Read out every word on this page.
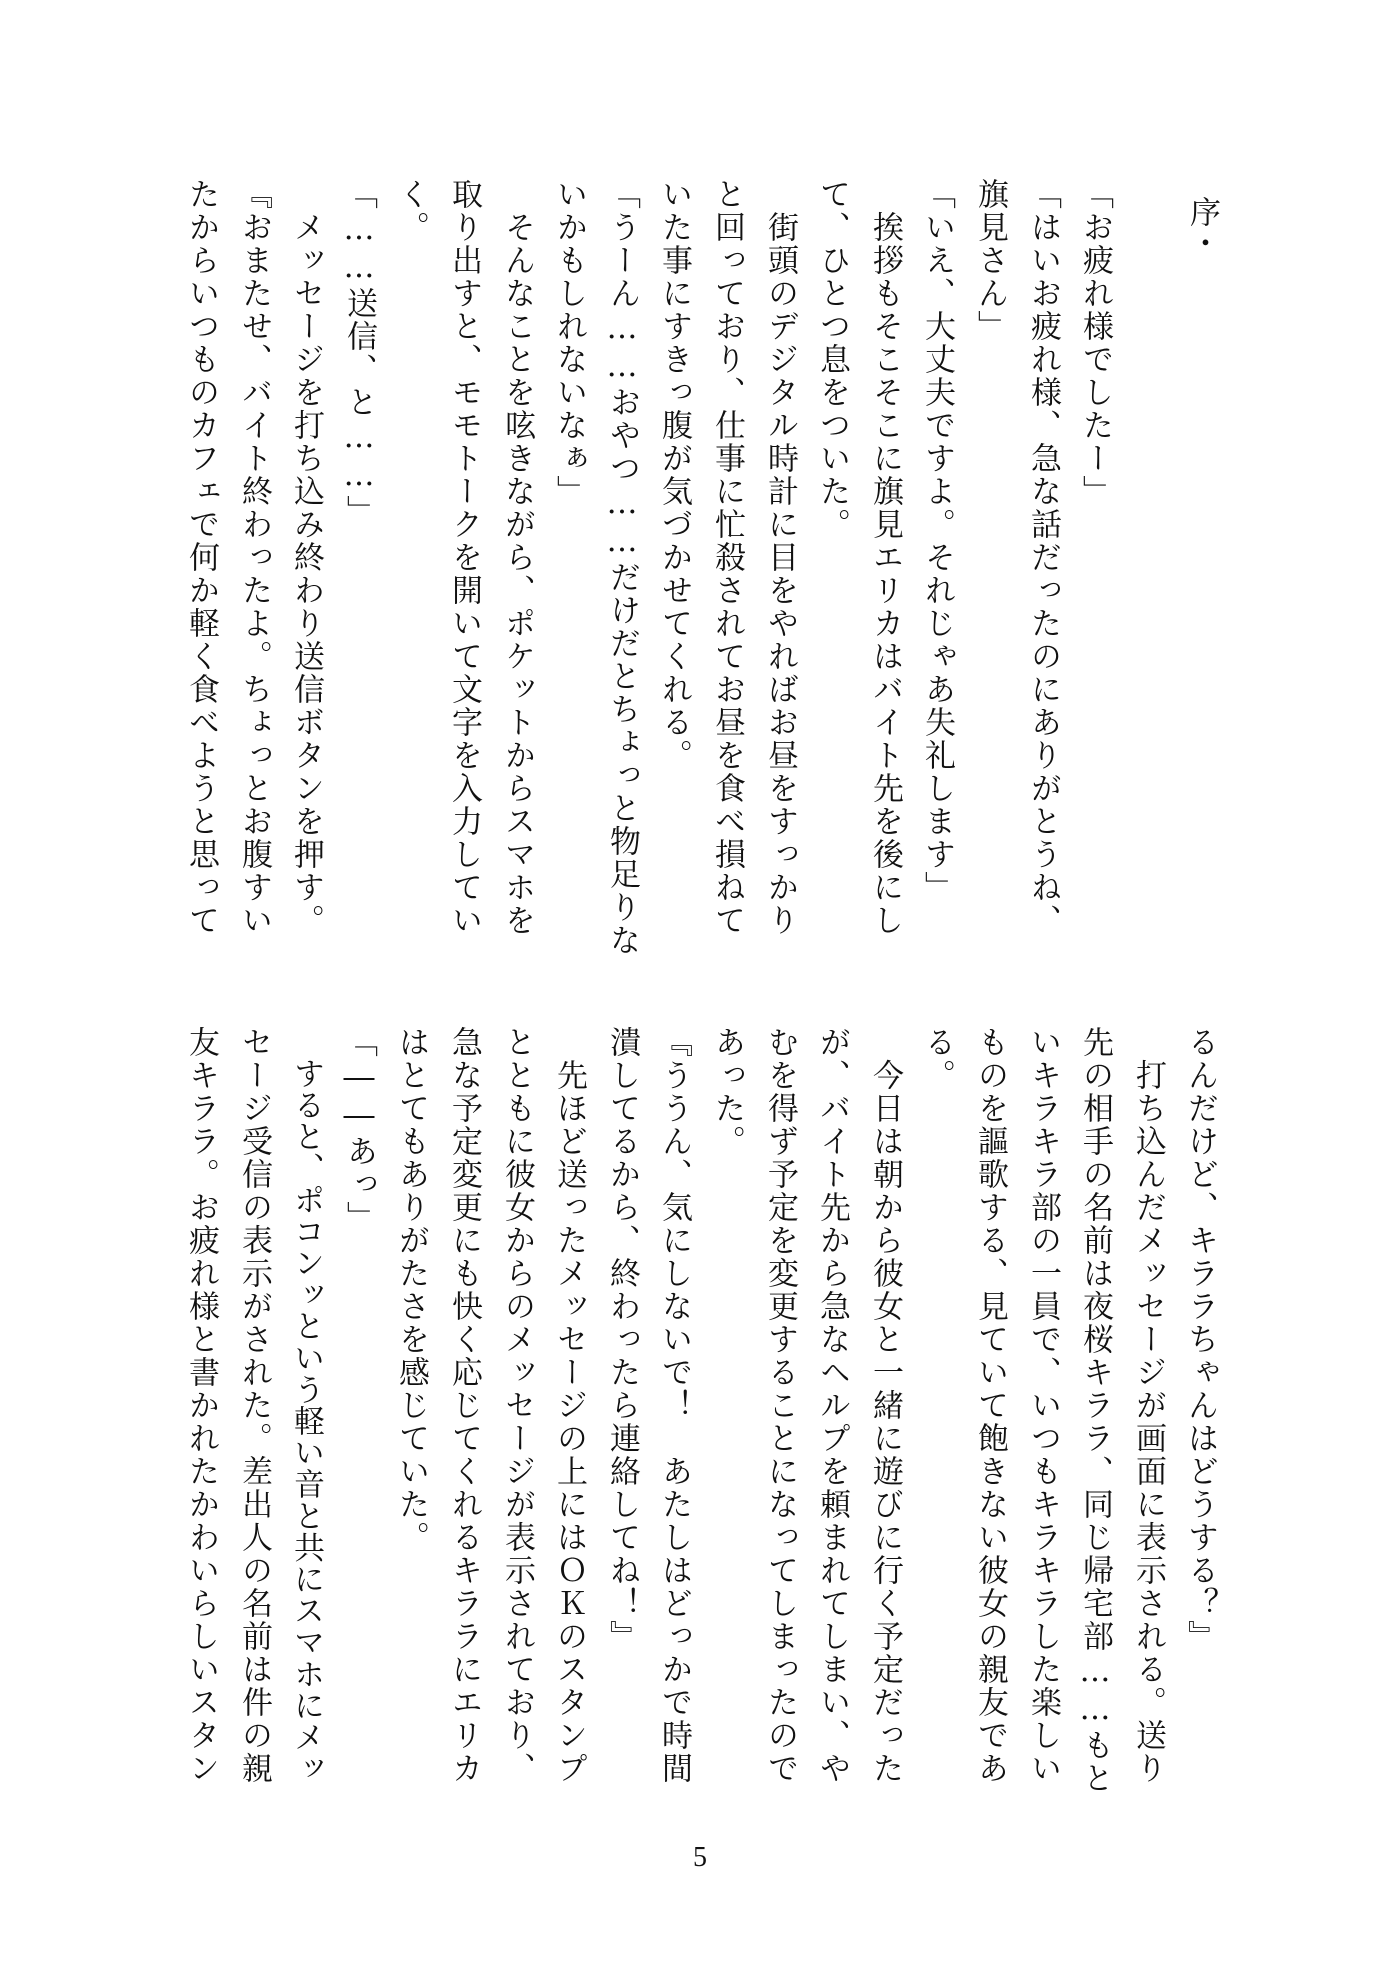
序・
「お疲れ様でしたー」
「はいお疲れ様、急な話だったのにありがとうね、
旗見さん」
「いえ、大丈夫ですよ。それじゃあ失礼します」
　挨拶もそこそこに旗見エリカはバイト先を後にし
て、ひとつ息をついた。
　街頭のデジタル時計に目をやればお昼をすっかり
と回っており、仕事に忙殺されてお昼を食べ損ねて
いた事にすきっ腹が気づかせてくれる。
「うーん……おやつ……だけだとちょっと物足りな
いかもしれないなぁ」
　そんなことを呟きながら、ポケットからスマホを
取り出すと、モモトークを開いて文字を入力してい
く。
「……送信、と……」
　メッセージを打ち込み終わり送信ボタンを押す。
『おまたせ、バイト終わったよ。ちょっとお腹すい
たからいつものカフェで何か軽く食べようと思って
るんだけど、キララちゃんはどうする？』
　打ち込んだメッセージが画面に表示される。送り
先の相手の名前は夜桜キララ、同じ帰宅部……もと
いキラキラ部の一員で、いつもキラキラした楽しい
ものを謳歌する、見ていて飽きない彼女の親友であ
る。
　今日は朝から彼女と一緒に遊びに行く予定だった
が、バイト先から急なヘルプを頼まれてしまい、や
むを得ず予定を変更することになってしまったので
あった。
『ううん、気にしないで！　あたしはどっかで時間
潰してるから、終わったら連絡してね！』
　先ほど送ったメッセージの上にはＯＫのスタンプ
とともに彼女からのメッセージが表示されており、
急な予定変更にも快く応じてくれるキララにエリカ
はとてもありがたさを感じていた。
「――あっ」
　すると、ポコンッという軽い音と共にスマホにメッ
セージ受信の表示がされた。差出人の名前は件の親
友キララ。お疲れ様と書かれたかわいらしいスタン
5
